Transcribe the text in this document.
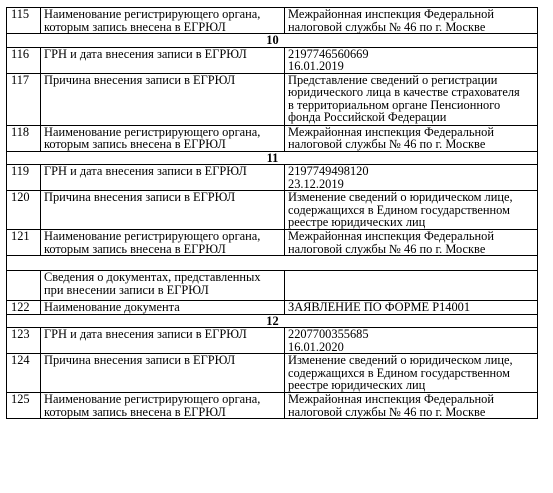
115	Наименование регистрирующего органа,
которым запись внесена в ЕГРЮЛ	Межрайонная инспекция Федеральной
налоговой службы № 46 по г. Москве
10		
116	ГРН и дата внесения записи в ЕГРЮЛ	2197746560669
16.01.2019
117	Причина внесения записи в ЕГРЮЛ	Представление сведений о регистрации
юридического лица в качестве страхователя
в территориальном органе Пенсионного
фонда Российской Федерации
118	Наименование регистрирующего органа,
которым запись внесена в ЕГРЮЛ	Межрайонная инспекция Федеральной
налоговой службы № 46 по г. Москве
11		
119	ГРН и дата внесения записи в ЕГРЮЛ	2197749498120
23.12.2019
120	Причина внесения записи в ЕГРЮЛ	Изменение сведений о юридическом лице,
содержащихся в Едином государственном
реестре юридических лиц
121	Наименование регистрирующего органа,
которым запись внесена в ЕГРЮЛ	Межрайонная инспекция Федеральной
налоговой службы № 46 по г. Москве

	Сведения о документах, представленных
при внесении записи в ЕГРЮЛ	
122	Наименование документа	ЗАЯВЛЕНИЕ ПО ФОРМЕ Р14001
12		
123	ГРН и дата внесения записи в ЕГРЮЛ	2207700355685
16.01.2020
124	Причина внесения записи в ЕГРЮЛ	Изменение сведений о юридическом лице,
содержащихся в Едином государственном
реестре юридических лиц
125	Наименование регистрирующего органа,
которым запись внесена в ЕГРЮЛ	Межрайонная инспекция Федеральной
налоговой службы № 46 по г. Москве
